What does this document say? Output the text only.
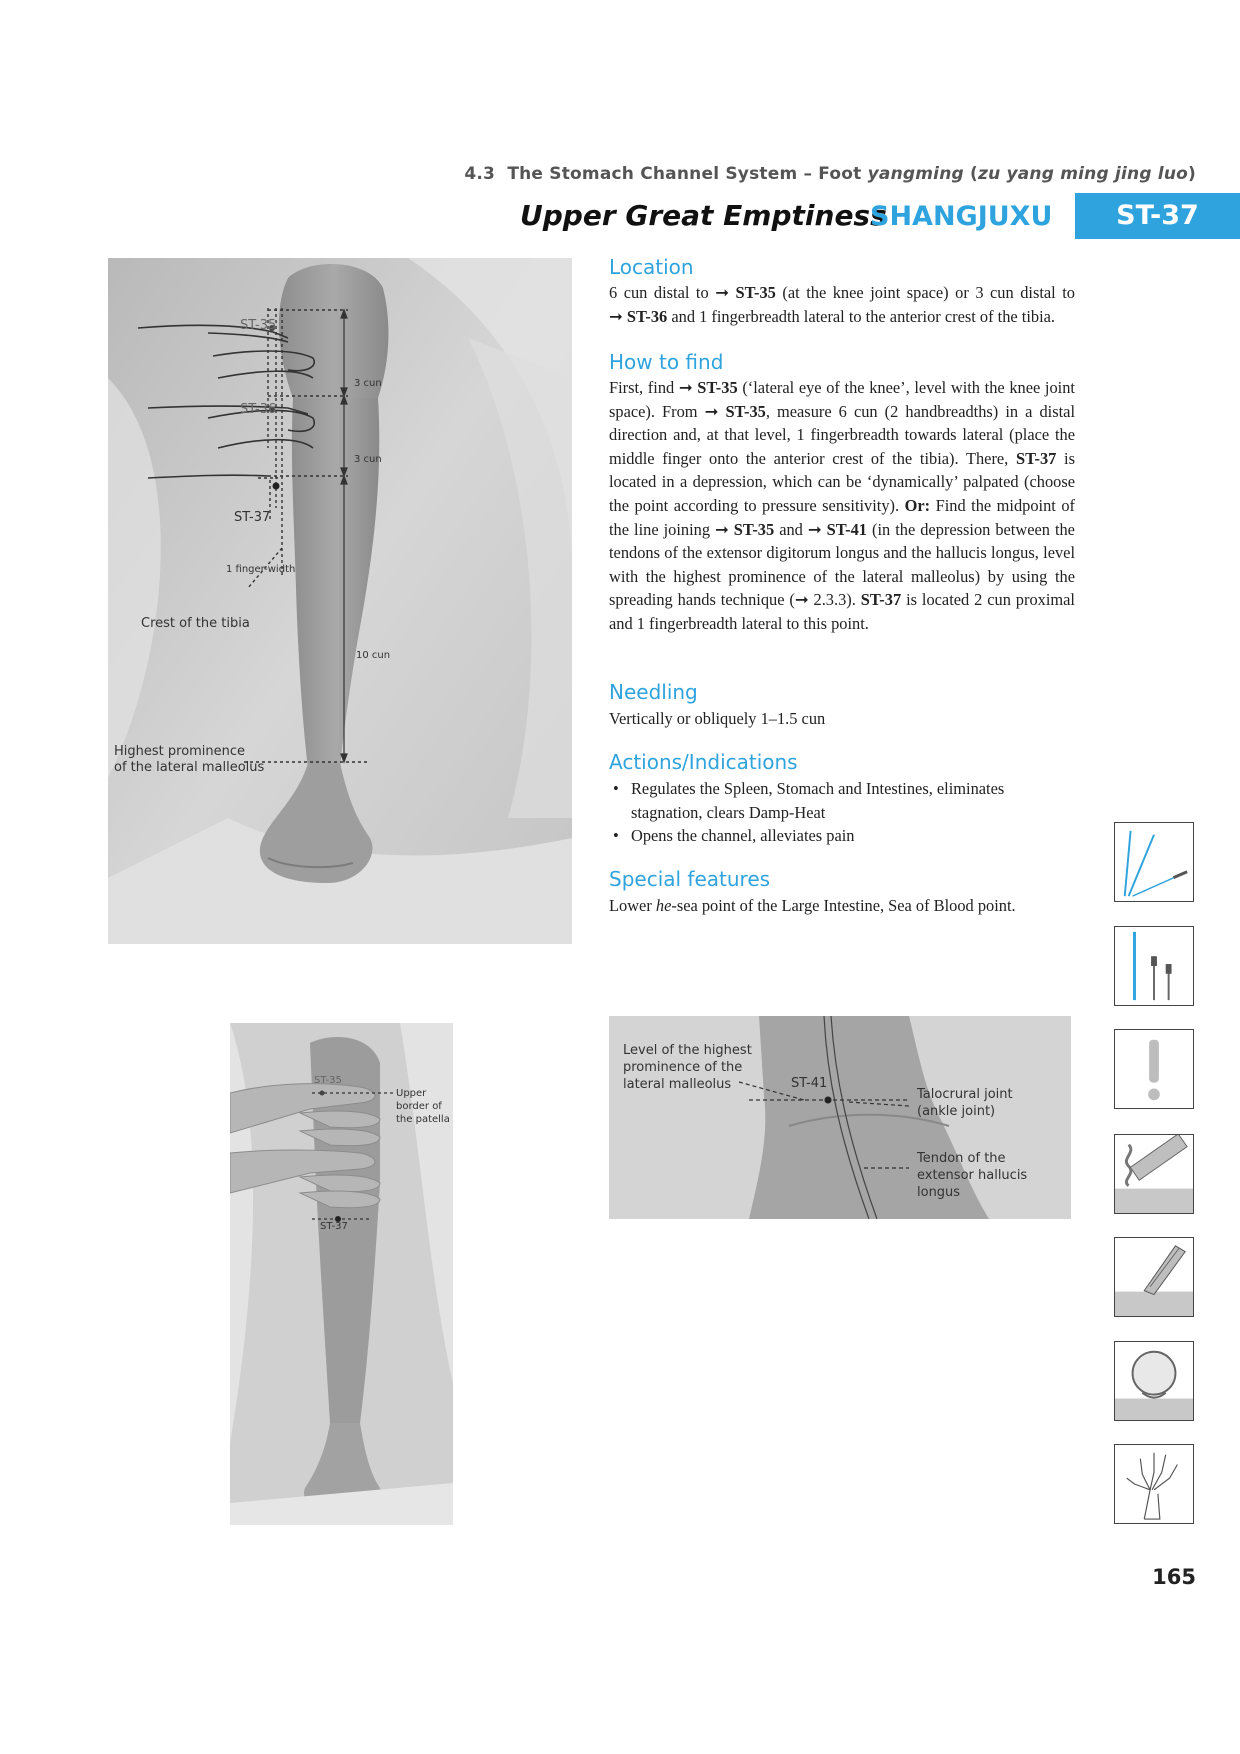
4.3 The Stomach Channel System – Foot yangming (zu yang ming jing luo)
Upper Great Emptiness
SHANGJUXU	ST-37
ST-35
ST-36
ST-37
3 cun
3 cun
1 finger-width
Crest of the tibia
10 cun
Highest prominence
of the lateral malleolus
ST-35
Upper
border of
the patella
ST-37
Level of the highest
prominence of the
lateral malleolus	ST-41
Talocrural joint
(ankle joint)
Tendon of the
extensor hallucis
longus
Location

6 cun distal to ➞ ST-35 (at the knee joint space) or 3 cun distal to ➞ ST-36 and 1 fingerbreadth lateral to the anterior crest of the tibia.

How to find

First, find ➞ ST-35 (‘lateral eye of the knee’, level with the knee joint space). From ➞ ST-35, measure 6 cun (2 handbreadths) in a distal direction and, at that level, 1 fingerbreadth towards lateral (place the middle finger onto the anterior crest of the tibia). There, ST-37 is located in a depression, which can be ‘dynamically’ palpated (choose the point according to pressure sensitivity). Or: Find the midpoint of the line joining ➞ ST-35 and ➞ ST-41 (in the depression between the tendons of the extensor digitorum longus and the hallucis longus, level with the highest prominence of the lateral malleolus) by using the spreading hands technique (➞ 2.3.3). ST-37 is located 2 cun proximal and 1 fingerbreadth lateral to this point.

Needling

Vertically or obliquely 1–1.5 cun

Actions/Indications
• Regulates the Spleen, Stomach and Intestines, eliminates stagnation, clears Damp-Heat
• Opens the channel, alleviates pain
Special features

Lower he-sea point of the Large Intestine, Sea of Blood point.

165
